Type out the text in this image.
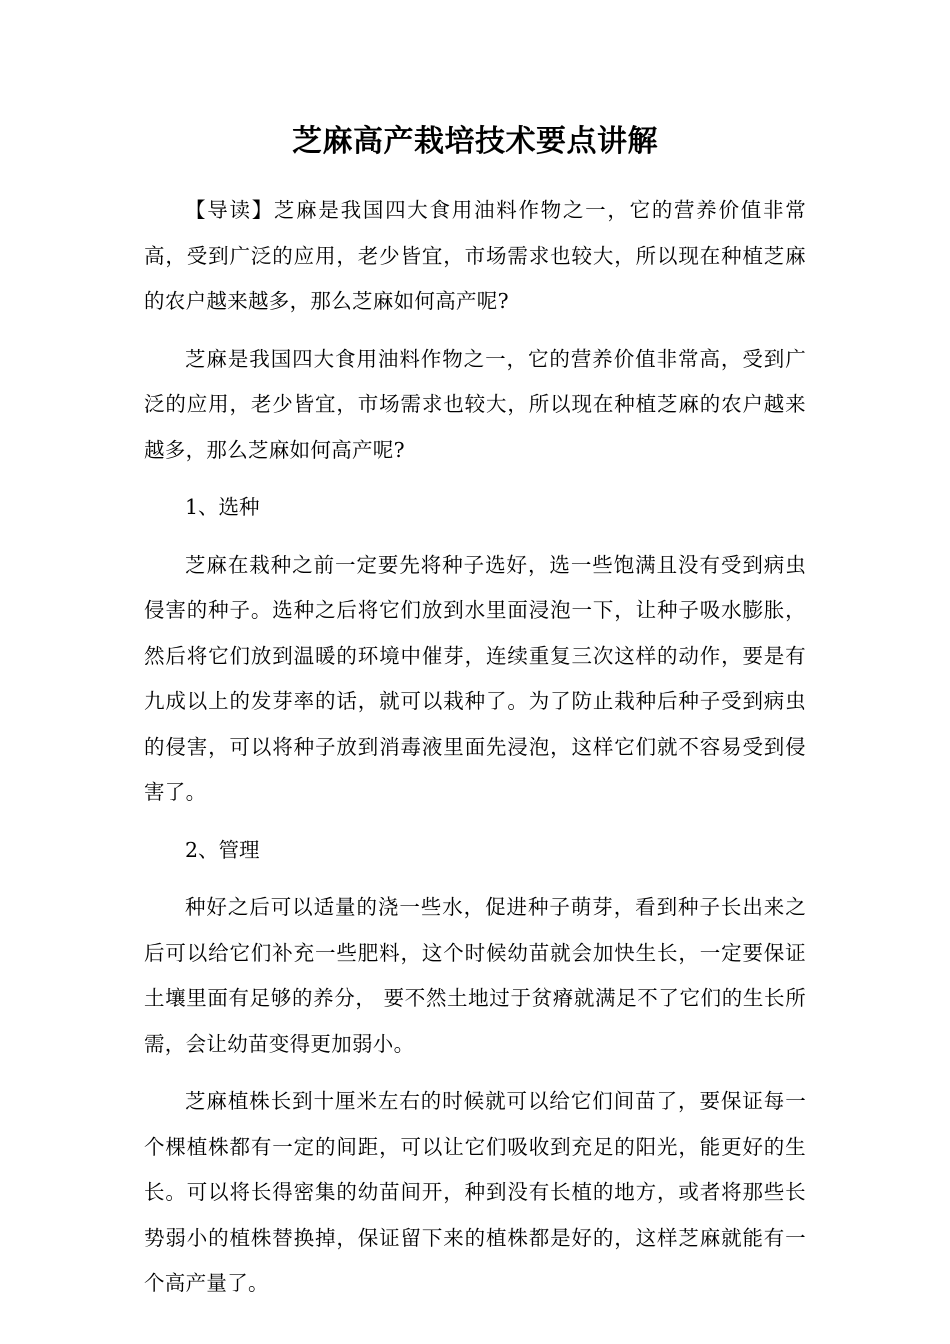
芝麻高产栽培技术要点讲解

【导读】芝麻是我国四大食用油料作物之一，它的营养价值非常高，受到广泛的应用，老少皆宜，市场需求也较大，所以现在种植芝麻的农户越来越多，那么芝麻如何高产呢?

芝麻是我国四大食用油料作物之一，它的营养价值非常高，受到广泛的应用，老少皆宜，市场需求也较大，所以现在种植芝麻的农户越来越多，那么芝麻如何高产呢?

1、选种

芝麻在栽种之前一定要先将种子选好，选一些饱满且没有受到病虫侵害的种子。选种之后将它们放到水里面浸泡一下，让种子吸水膨胀，然后将它们放到温暖的环境中催芽，连续重复三次这样的动作，要是有九成以上的发芽率的话，就可以栽种了。为了防止栽种后种子受到病虫的侵害，可以将种子放到消毒液里面先浸泡，这样它们就不容易受到侵害了。

2、管理

种好之后可以适量的浇一些水，促进种子萌芽，看到种子长出来之后可以给它们补充一些肥料，这个时候幼苗就会加快生长，一定要保证土壤里面有足够的养分， 要不然土地过于贫瘠就满足不了它们的生长所需，会让幼苗变得更加弱小。

芝麻植株长到十厘米左右的时候就可以给它们间苗了，要保证每一个棵植株都有一定的间距，可以让它们吸收到充足的阳光，能更好的生长。可以将长得密集的幼苗间开，种到没有长植的地方，或者将那些长势弱小的植株替换掉，保证留下来的植株都是好的，这样芝麻就能有一个高产量了。
